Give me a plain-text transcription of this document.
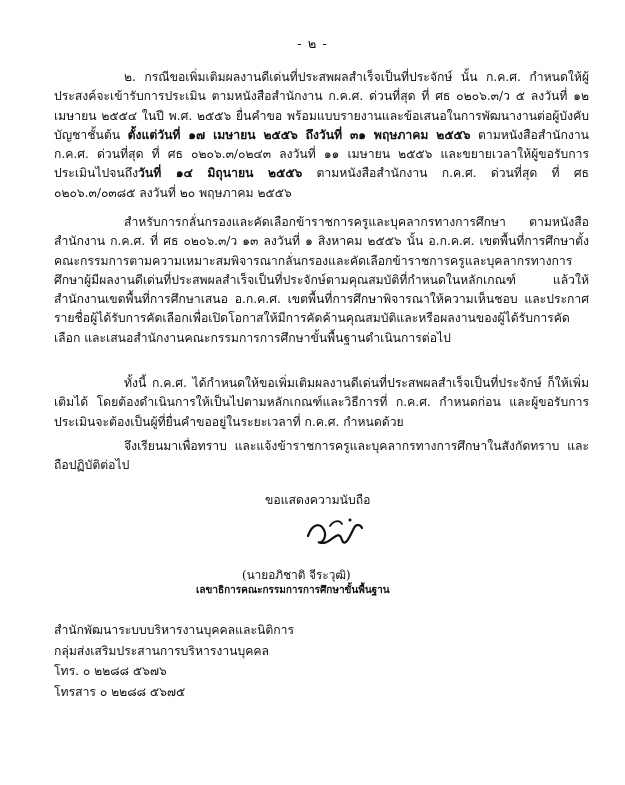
- ๒ -

๒. กรณีขอเพิ่มเติมผลงานดีเด่นที่ประสพผลสำเร็จเป็นที่ประจักษ์ นั้น ก.ค.ศ. กำหนดให้ผู้ประสงค์จะเข้ารับการประเมิน ตามหนังสือสำนักงาน ก.ค.ศ. ด่วนที่สุด ที่ ศธ ๐๒๐๖.๓/ว ๕ ลงวันที่ ๑๒ เมษายน ๒๕๕๔ ในปี พ.ศ. ๒๕๕๖ ยื่นคำขอ พร้อมแบบรายงานและข้อเสนอในการพัฒนางานต่อผู้บังคับบัญชาชั้นต้น ตั้งแต่วันที่ ๑๗ เมษายน ๒๕๕๖ ถึงวันที่ ๓๑ พฤษภาคม ๒๕๕๖ ตามหนังสือสำนักงาน ก.ค.ศ. ด่วนที่สุด ที่ ศธ ๐๒๐๖.๓/๐๒๔๓ ลงวันที่ ๑๑ เมษายน ๒๕๕๖ และขยายเวลาให้ผู้ขอรับการประเมินไปจนถึงวันที่ ๑๔ มิถุนายน ๒๕๕๖ ตามหนังสือสำนักงาน ก.ค.ศ. ด่วนที่สุด ที่ ศธ ๐๒๐๖.๓/๐๓๘๕ ลงวันที่ ๒๐ พฤษภาคม ๒๕๕๖

สำหรับการกลั่นกรองและคัดเลือกข้าราชการครูและบุคลากรทางการศึกษา ตามหนังสือสำนักงาน ก.ค.ศ. ที่ ศธ ๐๒๐๖.๓/ว ๑๓ ลงวันที่ ๑ สิงหาคม ๒๕๕๖ นั้น อ.ก.ค.ศ. เขตพื้นที่การศึกษาตั้งคณะกรรมการตามความเหมาะสมพิจารณากลั่นกรองและคัดเลือกข้าราชการครูและบุคลากรทางการศึกษาผู้มีผลงานดีเด่นที่ประสพผลสำเร็จเป็นที่ประจักษ์ตามคุณสมบัติที่กำหนดในหลักเกณฑ์ แล้วให้สำนักงานเขตพื้นที่การศึกษาเสนอ อ.ก.ค.ศ. เขตพื้นที่การศึกษาพิจารณาให้ความเห็นชอบ และประกาศรายชื่อผู้ได้รับการคัดเลือกเพื่อเปิดโอกาสให้มีการคัดค้านคุณสมบัติและหรือผลงานของผู้ได้รับการคัดเลือก และเสนอสำนักงานคณะกรรมการการศึกษาขั้นพื้นฐานดำเนินการต่อไป

ทั้งนี้ ก.ค.ศ. ได้กำหนดให้ขอเพิ่มเติมผลงานดีเด่นที่ประสพผลสำเร็จเป็นที่ประจักษ์ ก็ให้เพิ่มเติมได้ โดยต้องดำเนินการให้เป็นไปตามหลักเกณฑ์และวิธีการที่ ก.ค.ศ. กำหนดก่อน และผู้ขอรับการประเมินจะต้องเป็นผู้ที่ยื่นคำขออยู่ในระยะเวลาที่ ก.ค.ศ. กำหนดด้วย

จึงเรียนมาเพื่อทราบ และแจ้งข้าราชการครูและบุคลากรทางการศึกษาในสังกัดทราบ และถือปฏิบัติต่อไป

ขอแสดงความนับถือ
(นายอภิชาติ จีระวุฒิ)
เลขาธิการคณะกรรมการการศึกษาขั้นพื้นฐาน
สำนักพัฒนาระบบบริหารงานบุคคลและนิติการ
กลุ่มส่งเสริมประสานการบริหารงานบุคคล
โทร. ๐ ๒๒๘๘ ๕๖๗๖
โทรสาร ๐ ๒๒๘๘ ๕๖๗๕
